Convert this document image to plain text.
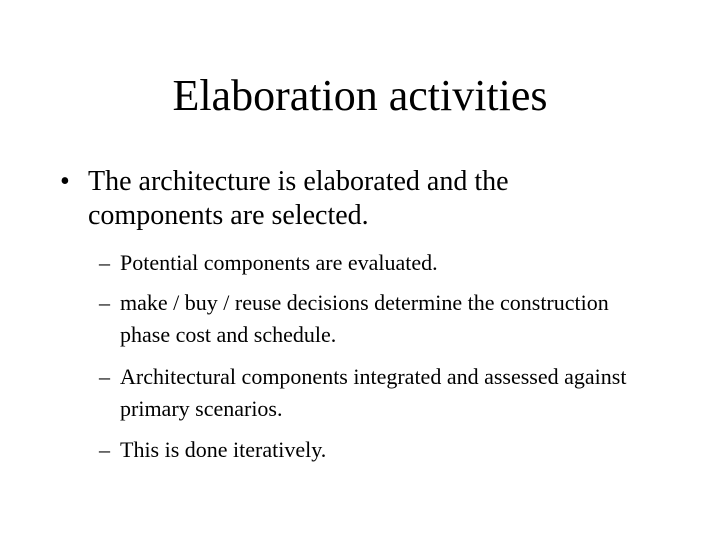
Elaboration activities
• The architecture is elaborated and the components are selected.
– Potential components are evaluated.
– make / buy / reuse decisions determine the construction phase cost and schedule.
– Architectural components integrated and assessed against primary scenarios.
– This is done iteratively.
